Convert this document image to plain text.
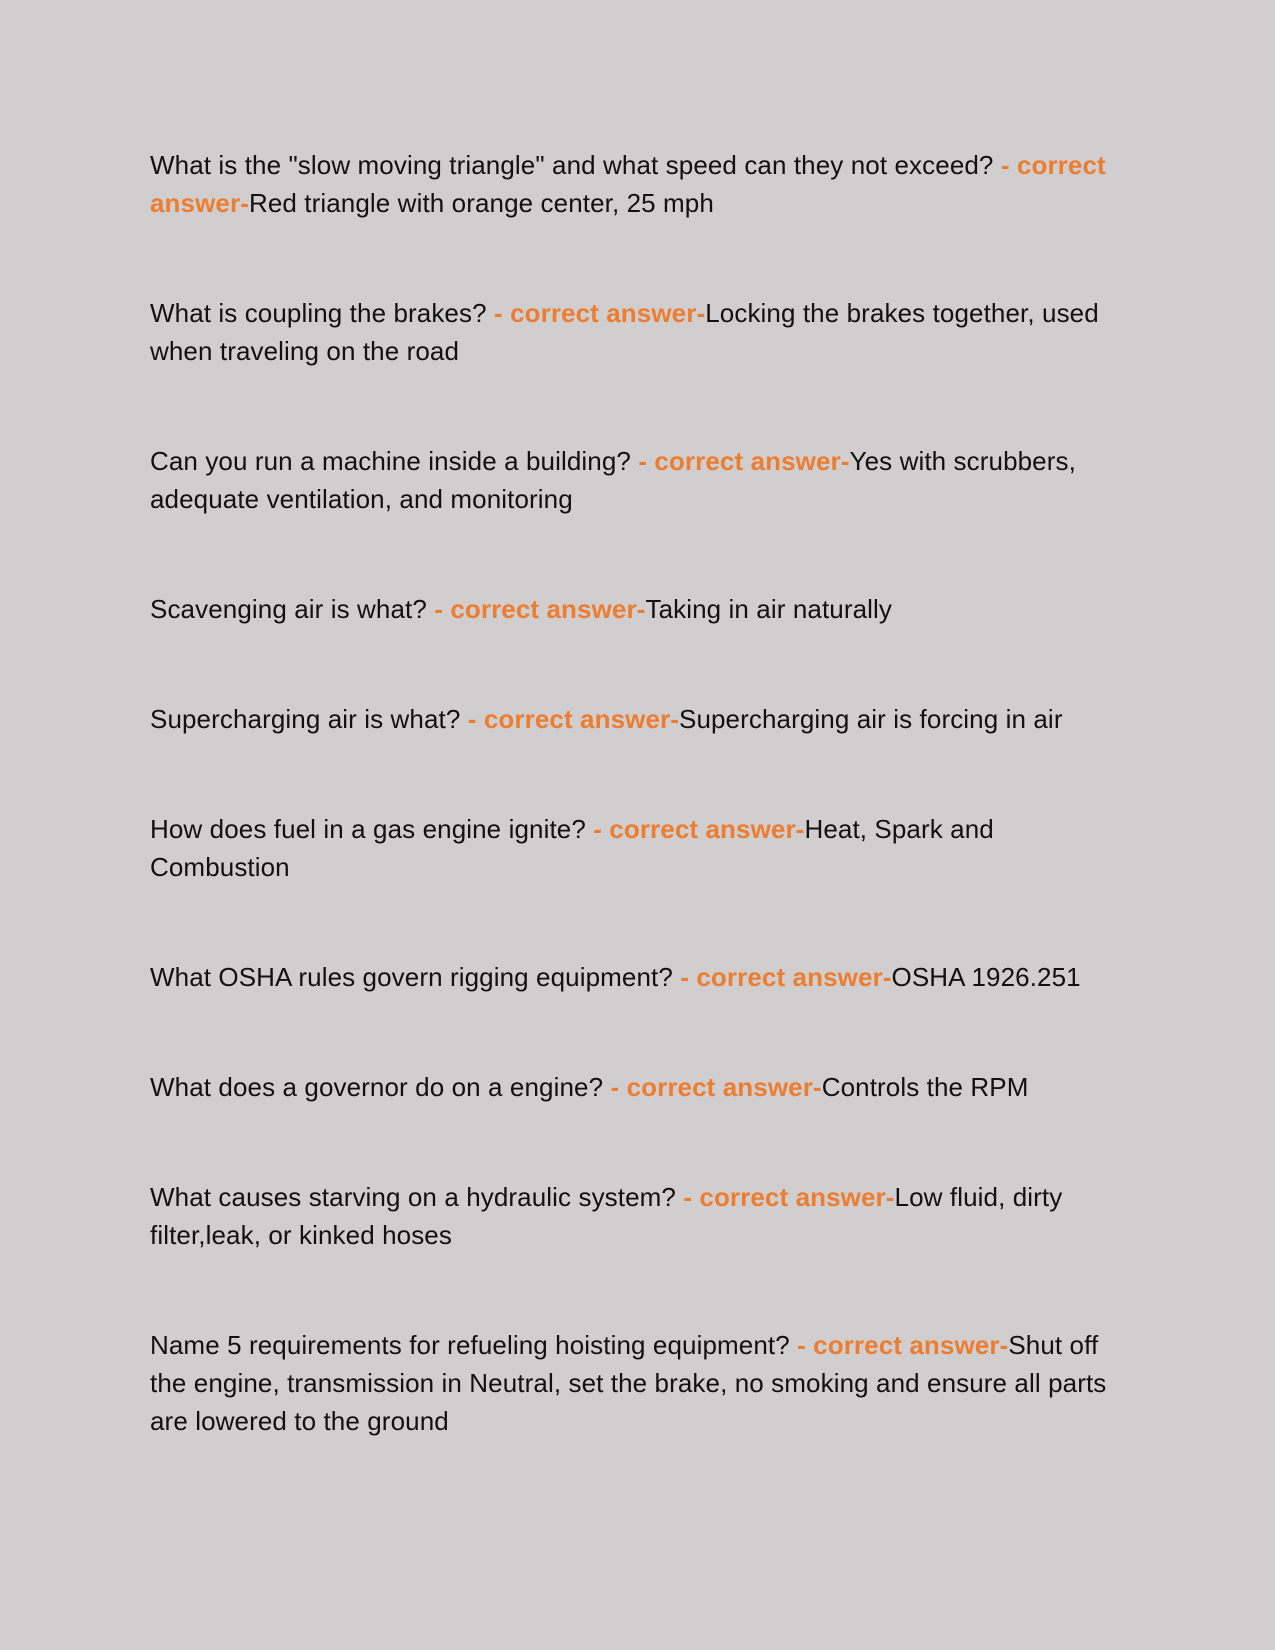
What is the "slow moving triangle" and what speed can they not exceed? - correct answer-Red triangle with orange center, 25 mph
What is coupling the brakes? - correct answer-Locking the brakes together, used when traveling on the road
Can you run a machine inside a building? - correct answer-Yes with scrubbers, adequate ventilation, and monitoring
Scavenging air is what? - correct answer-Taking in air naturally
Supercharging air is what? - correct answer-Supercharging air is forcing in air
How does fuel in a gas engine ignite? - correct answer-Heat, Spark and Combustion
What OSHA rules govern rigging equipment? - correct answer-OSHA 1926.251
What does a governor do on a engine? - correct answer-Controls the RPM
What causes starving on a hydraulic system? - correct answer-Low fluid, dirty filter,leak, or kinked hoses
Name 5 requirements for refueling hoisting equipment? - correct answer-Shut off the engine, transmission in Neutral, set the brake, no smoking and ensure all parts are lowered to the ground
